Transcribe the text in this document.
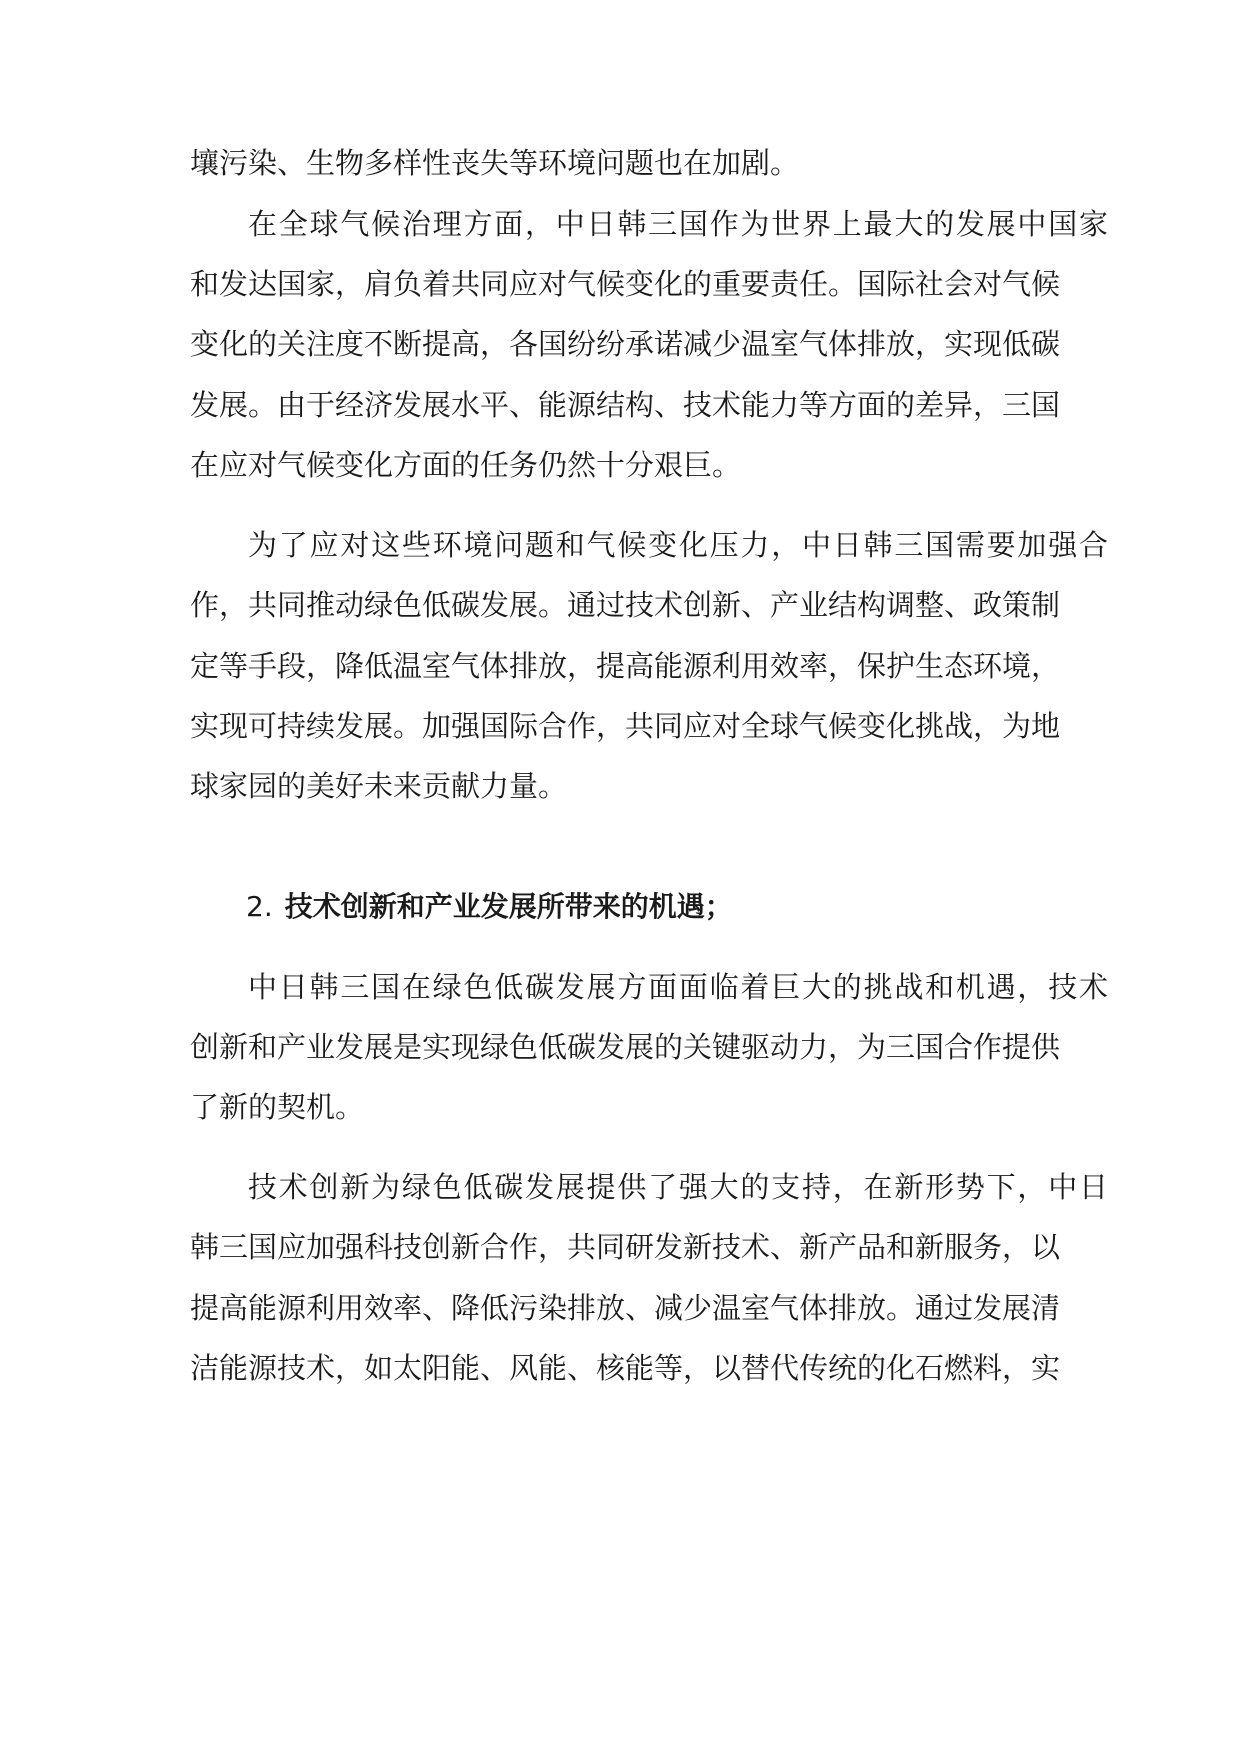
壤污染、生物多样性丧失等环境问题也在加剧。
在全球气候治理方面，中日韩三国作为世界上最大的发展中国家
和发达国家，肩负着共同应对气候变化的重要责任。国际社会对气候
变化的关注度不断提高，各国纷纷承诺减少温室气体排放，实现低碳
发展。由于经济发展水平、能源结构、技术能力等方面的差异，三国
在应对气候变化方面的任务仍然十分艰巨。
为了应对这些环境问题和气候变化压力，中日韩三国需要加强合
作，共同推动绿色低碳发展。通过技术创新、产业结构调整、政策制
定等手段，降低温室气体排放，提高能源利用效率，保护生态环境，
实现可持续发展。加强国际合作，共同应对全球气候变化挑战，为地
球家园的美好未来贡献力量。
2. 技术创新和产业发展所带来的机遇；
中日韩三国在绿色低碳发展方面面临着巨大的挑战和机遇，技术
创新和产业发展是实现绿色低碳发展的关键驱动力，为三国合作提供
了新的契机。
技术创新为绿色低碳发展提供了强大的支持，在新形势下，中日
韩三国应加强科技创新合作，共同研发新技术、新产品和新服务，以
提高能源利用效率、降低污染排放、减少温室气体排放。通过发展清
洁能源技术，如太阳能、风能、核能等，以替代传统的化石燃料，实
